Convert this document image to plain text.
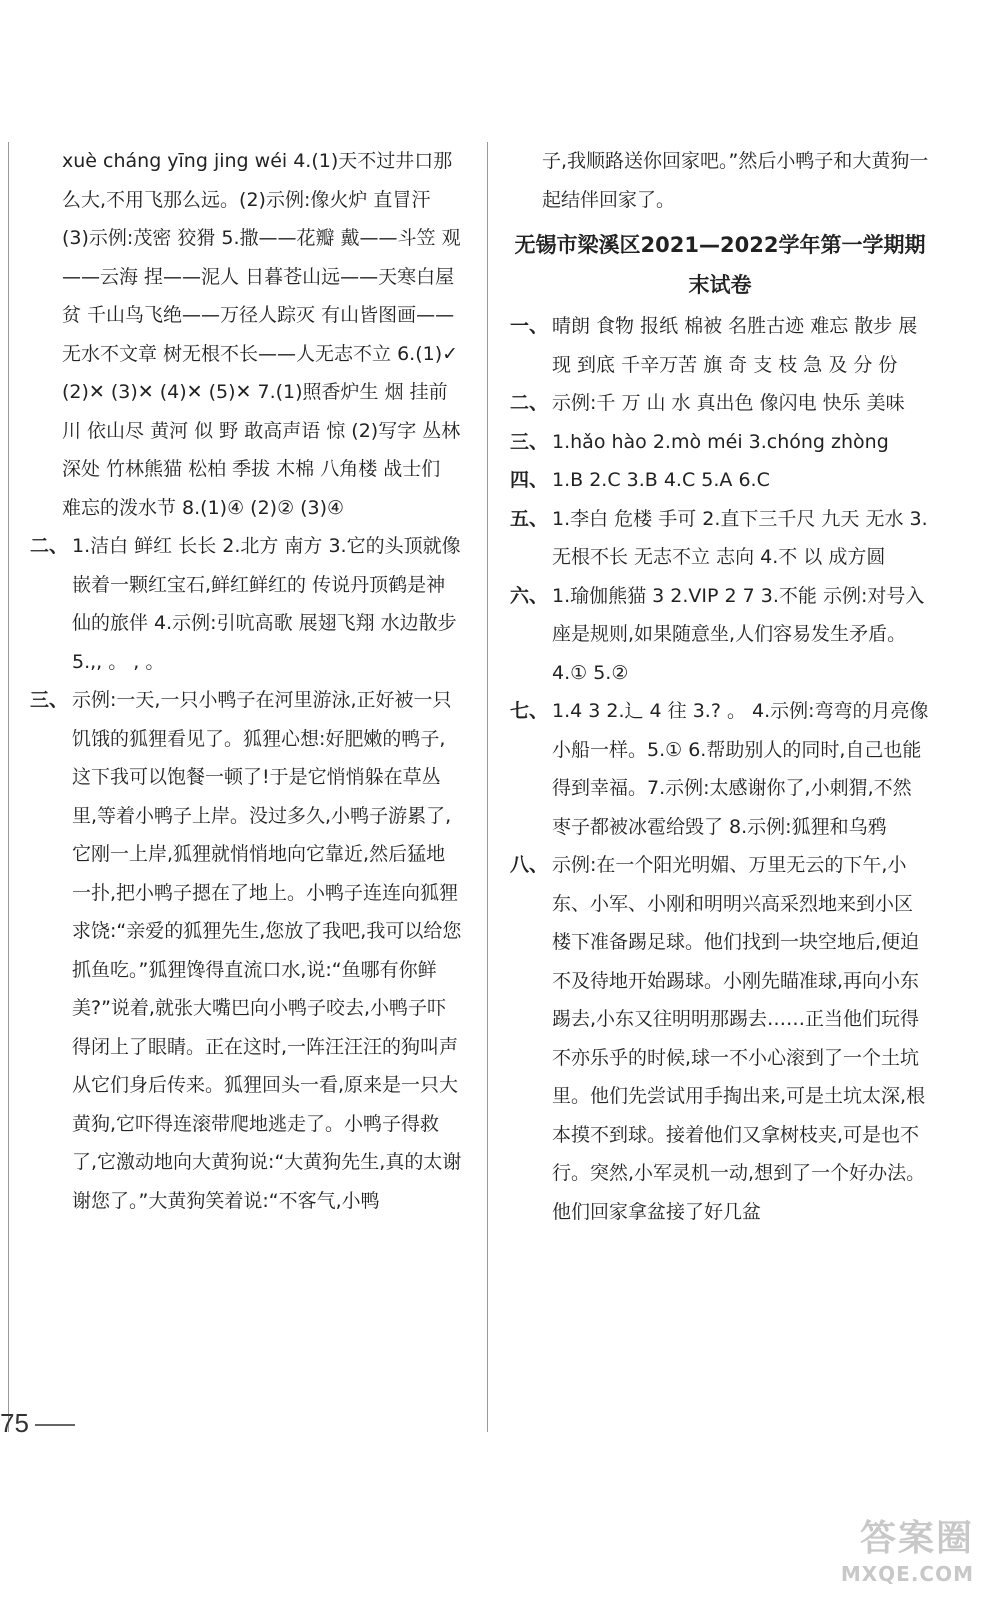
xuè cháng yīng jing wéi 4.(1)天不过井口那么大,不用飞那么远。(2)示例:像火炉 直冒汗 (3)示例:茂密 狡猾 5.撒——花瓣 戴——斗笠 观——云海 捏——泥人 日暮苍山远——天寒白屋贫 千山鸟飞绝——万径人踪灭 有山皆图画——无水不文章 树无根不长——人无志不立 6.(1)✓ (2)✕ (3)✕ (4)✕ (5)✕ 7.(1)照香炉生 烟 挂前川 依山尽 黄河 似 野 敢高声语 惊 (2)写字 丛林深处 竹林熊猫 松柏 季拔 木棉 八角楼 战士们 难忘的泼水节 8.(1)④ (2)② (3)④

二、 1.洁白 鲜红 长长 2.北方 南方 3.它的头顶就像嵌着一颗红宝石,鲜红鲜红的 传说丹顶鹤是神仙的旅伴 4.示例:引吭高歌 展翅飞翔 水边散步 5.,, 。 , 。
三、 示例:一天,一只小鸭子在河里游泳,正好被一只饥饿的狐狸看见了。狐狸心想:好肥嫩的鸭子,这下我可以饱餐一顿了!于是它悄悄躲在草丛里,等着小鸭子上岸。没过多久,小鸭子游累了,它刚一上岸,狐狸就悄悄地向它靠近,然后猛地一扑,把小鸭子摁在了地上。小鸭子连连向狐狸求饶:“亲爱的狐狸先生,您放了我吧,我可以给您抓鱼吃。”狐狸馋得直流口水,说:“鱼哪有你鲜美?”说着,就张大嘴巴向小鸭子咬去,小鸭子吓得闭上了眼睛。正在这时,一阵汪汪汪的狗叫声从它们身后传来。狐狸回头一看,原来是一只大黄狗,它吓得连滚带爬地逃走了。小鸭子得救了,它激动地向大黄狗说:“大黄狗先生,真的太谢谢您了。”大黄狗笑着说:“不客气,小鸭

子,我顺路送你回家吧。”然后小鸭子和大黄狗一起结伴回家了。

无锡市梁溪区2021—2022学年第一学期期末试卷
一、 晴朗 食物 报纸 棉被 名胜古迹 难忘 散步 展现 到底 千辛万苦 旗 奇 支 枝 急 及 分 份
二、 示例:千 万 山 水 真出色 像闪电 快乐 美味
三、 1.hǎo hào 2.mò méi 3.chóng zhòng
四、 1.B 2.C 3.B 4.C 5.A 6.C
五、 1.李白 危楼 手可 2.直下三千尺 九天 无水 3.无根不长 无志不立 志向 4.不 以 成方圆
六、 1.瑜伽熊猫 3 2.VIP 2 7 3.不能 示例:对号入座是规则,如果随意坐,人们容易发生矛盾。4.① 5.②
七、 1.4 3 2.辶 4 往 3.? 。 4.示例:弯弯的月亮像小船一样。5.① 6.帮助别人的同时,自己也能得到幸福。7.示例:太感谢你了,小刺猬,不然枣子都被冰雹给毁了 8.示例:狐狸和乌鸦
八、 示例:在一个阳光明媚、万里无云的下午,小东、小军、小刚和明明兴高采烈地来到小区楼下准备踢足球。他们找到一块空地后,便迫不及待地开始踢球。小刚先瞄准球,再向小东踢去,小东又往明明那踢去……正当他们玩得不亦乐乎的时候,球一不小心滚到了一个土坑里。他们先尝试用手掏出来,可是土坑太深,根本摸不到球。接着他们又拿树枝夹,可是也不行。突然,小军灵机一动,想到了一个好办法。他们回家拿盆接了好几盆
75
答案圈
MXQE.COM
